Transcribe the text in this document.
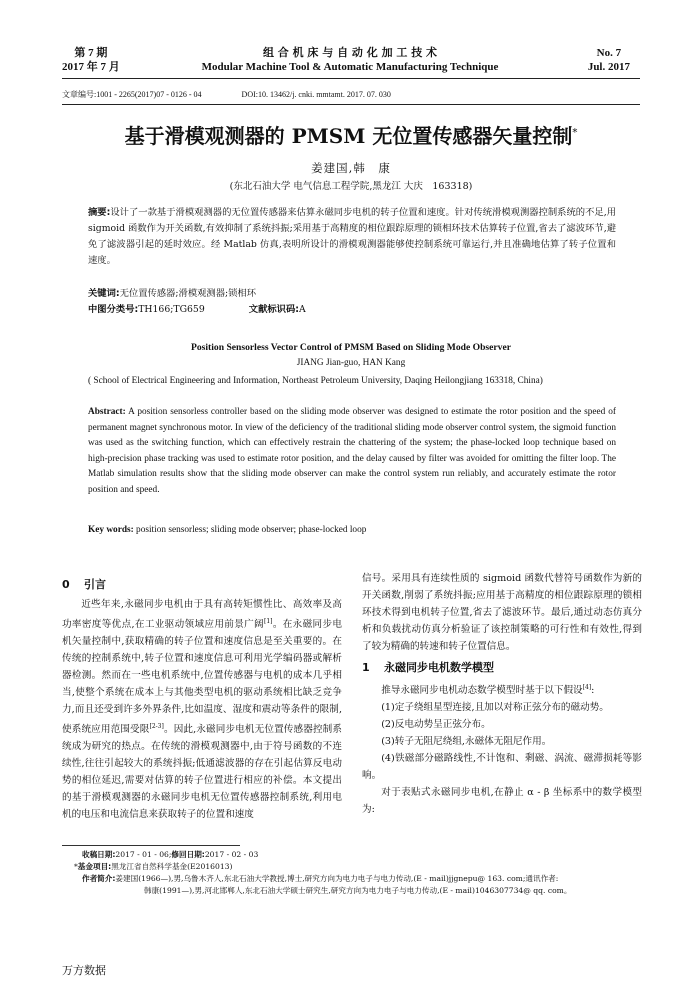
第 7 期
2017 年 7 月
组 合 机 床 与 自 动 化 加 工 技 术
Modular Machine Tool & Automatic Manufacturing Technique
No. 7
Jul. 2017
文章编号:1001 - 2265(2017)07 - 0126 - 04	DOI:10. 13462/j. cnki. mmtamt. 2017. 07. 030
基于滑模观测器的 PMSM 无位置传感器矢量控制*
姜建国,韩　康
(东北石油大学 电气信息工程学院,黑龙江 大庆　163318)
摘要:设计了一款基于滑模观测器的无位置传感器来估算永磁同步电机的转子位置和速度。针对传统滑模观测器控制系统的不足,用 sigmoid 函数作为开关函数,有效抑制了系统抖振;采用基于高精度的相位跟踪原理的锁相环技术估算转子位置,省去了滤波环节,避免了滤波器引起的延时效应。经 Matlab 仿真,表明所设计的滑模观测器能够使控制系统可靠运行,并且准确地估算了转子位置和速度。
关键词:无位置传感器;滑模观测器;锁相环
中图分类号:TH166;TG659	文献标识码:A
Position Sensorless Vector Control of PMSM Based on Sliding Mode Observer
JIANG Jian-guo, HAN Kang
( School of Electrical Engineering and Information, Northeast Petroleum University, Daqing Heilongjiang 163318, China)
Abstract: A position sensorless controller based on the sliding mode observer was designed to estimate the rotor position and the speed of permanent magnet synchronous motor. In view of the deficiency of the traditional sliding mode observer control system, the sigmoid function was used as the switching function, which can effectively restrain the chattering of the system; the phase-locked loop technique based on high-precision phase tracking was used to estimate rotor position, and the delay caused by filter was avoided for omitting the filter loop. The Matlab simulation results show that the sliding mode observer can make the control system run reliably, and accurately estimate the rotor position and speed.
Key words: position sensorless; sliding mode observer; phase-locked loop
0 引言

近些年来,永磁同步电机由于具有高转矩惯性比、高效率及高功率密度等优点,在工业驱动领域应用前景广阔[1]。在永磁同步电机矢量控制中,获取精确的转子位置和速度信息是至关重要的。在传统的控制系统中,转子位置和速度信息可利用光学编码器或解析器检测。然而在一些电机系统中,位置传感器与电机的成本几乎相当,使整个系统在成本上与其他类型电机的驱动系统相比缺乏竞争力,而且还受到许多外界条件,比如温度、湿度和震动等条件的限制,使系统应用范围受限[2-3]。因此,永磁同步电机无位置传感器控制系统成为研究的热点。在传统的滑模观测器中,由于符号函数的不连续性,往往引起较大的系统抖振;低通滤波器的存在引起估算反电动势的相位延迟,需要对估算的转子位置进行相应的补偿。本文提出的基于滑模观测器的永磁同步电机无位置传感器控制系统,利用电机的电压和电流信息来获取转子的位置和速度

信号。采用具有连续性质的 sigmoid 函数代替符号函数作为新的开关函数,削弱了系统抖振;应用基于高精度的相位跟踪原理的锁相环技术得到电机转子位置,省去了滤波环节。最后,通过动态仿真分析和负载扰动仿真分析验证了该控制策略的可行性和有效性,得到了较为精确的转速和转子位置信息。

1 永磁同步电机数学模型

推导永磁同步电机动态数学模型时基于以下假设[4]:

(1)定子绕组星型连接,且加以对称正弦分布的磁动势。

(2)反电动势呈正弦分布。

(3)转子无阻尼绕组,永磁体无阻尼作用。

(4)铁磁部分磁路线性,不计饱和、剩磁、涡流、磁滞损耗等影响。

对于表贴式永磁同步电机,在静止 α - β 坐标系中的数学模型为:

收稿日期:2017 - 01 - 06;修回日期:2017 - 02 - 03
*基金项目:黑龙江省自然科学基金(E2016013)
作者简介:姜建国(1966—),男,乌鲁木齐人,东北石油大学教授,博士,研究方向为电力电子与电力传动,(E - mail)jjgnepu@ 163. com;通讯作者:
韩康(1991—),男,河北邯郸人,东北石油大学硕士研究生,研究方向为电力电子与电力传动,(E - mail)1046307734@ qq. com。
万方数据
